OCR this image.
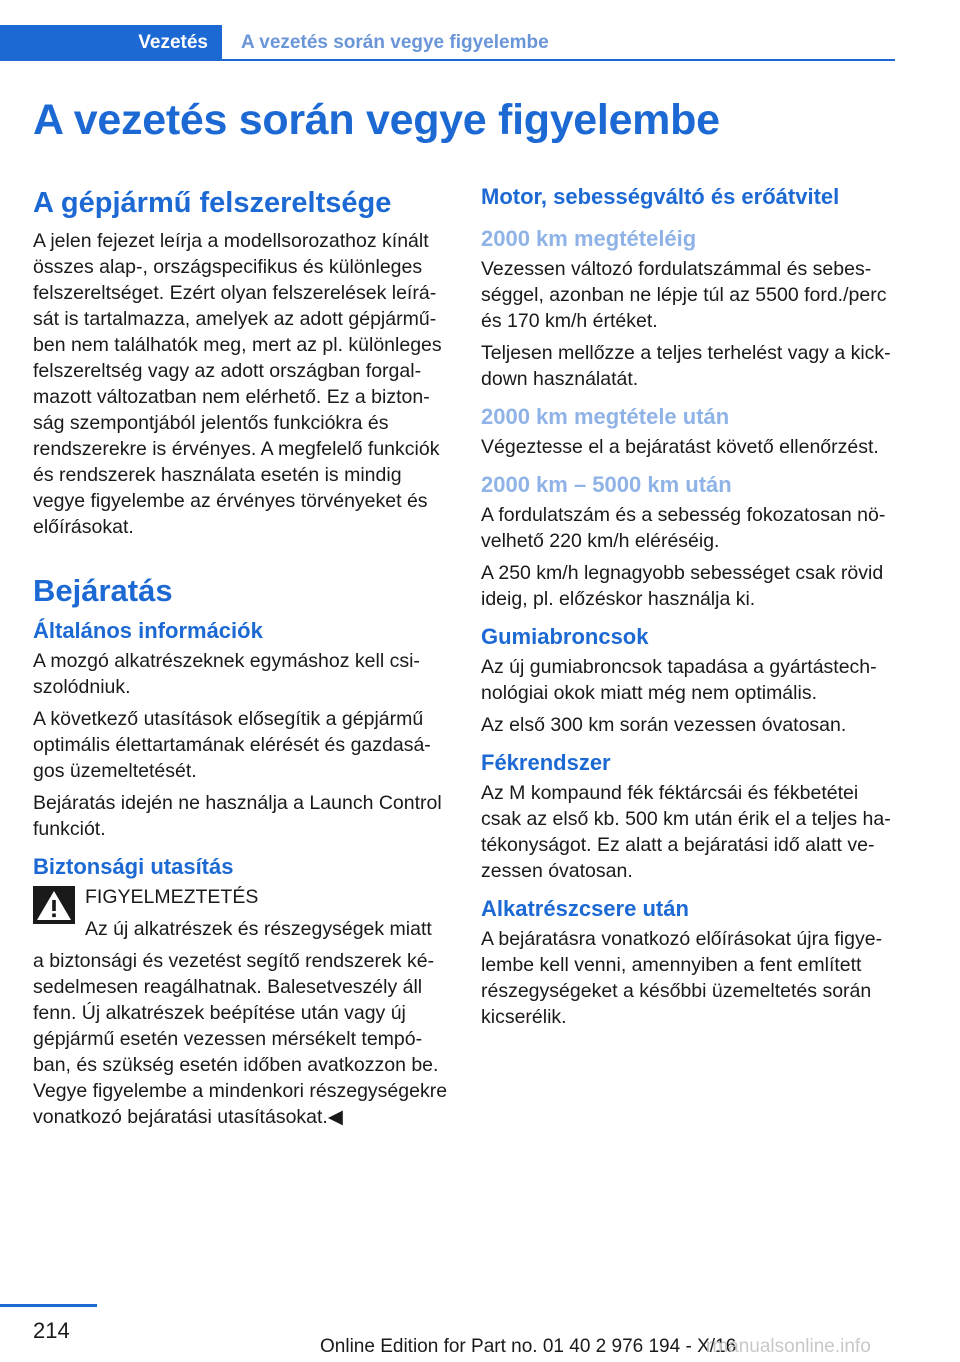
Vezetés A vezetés során vegye figyelembe
A vezetés során vegye figyelembe
A gépjármű felszereltsége

A jelen fejezet leírja a modellsorozathoz kínált összes alap-, országspecifikus és különleges felszereltséget. Ezért olyan felszerelések leírását is tartalmazza, amelyek az adott gépjárműben nem találhatók meg, mert az pl. különleges felszereltség vagy az adott országban forgalmazott változatban nem elérhető. Ez a biztonság szempontjából jelentős funkciókra és rendszerekre is érvényes. A megfelelő funkciók és rendszerek használata esetén is mindig vegye figyelembe az érvényes törvényeket és előírásokat.

Bejáratás
Általános információk

A mozgó alkatrészeknek egymáshoz kell csiszolódniuk.

A következő utasítások elősegítik a gépjármű optimális élettartamának elérését és gazdaságos üzemeltetését.

Bejáratás idején ne használja a Launch Control funkciót.

Biztonsági utasítás

FIGYELMEZTETÉS

Az új alkatrészek és részegységek miatt

a biztonsági és vezetést segítő rendszerek késedelmesen reagálhatnak. Balesetveszély áll fenn. Új alkatrészek beépítése után vagy új gépjármű esetén vezessen mérsékelt tempóban, és szükség esetén időben avatkozzon be. Vegye figyelembe a mindenkori részegységekre vonatkozó bejáratási utasításokat.◀

Motor, sebességváltó és erőátvitel
2000 km megtételéig

Vezessen változó fordulatszámmal és sebességgel, azonban ne lépje túl az 5500 ford./perc és 170 km/h értéket.

Teljesen mellőzze a teljes terhelést vagy a kick-down használatát.

2000 km megtétele után

Végeztesse el a bejáratást követő ellenőrzést.

2000 km – 5000 km után

A fordulatszám és a sebesség fokozatosan növelhető 220 km/h eléréséig.

A 250 km/h legnagyobb sebességet csak rövid ideig, pl. előzéskor használja ki.

Gumiabroncsok

Az új gumiabroncsok tapadása a gyártástechnológiai okok miatt még nem optimális.

Az első 300 km során vezessen óvatosan.

Fékrendszer

Az M kompaund fék féktárcsái és fékbetétei csak az első kb. 500 km után érik el a teljes hatékonyságot. Ez alatt a bejáratási idő alatt vezessen óvatosan.

Alkatrészcsere után

A bejáratásra vonatkozó előírásokat újra figyelembe kell venni, amennyiben a fent említett részegységeket a későbbi üzemeltetés során kicserélik.

214
Online Edition for Part no. 01 40 2 976 194 - X/16
rmanualsonline.info
